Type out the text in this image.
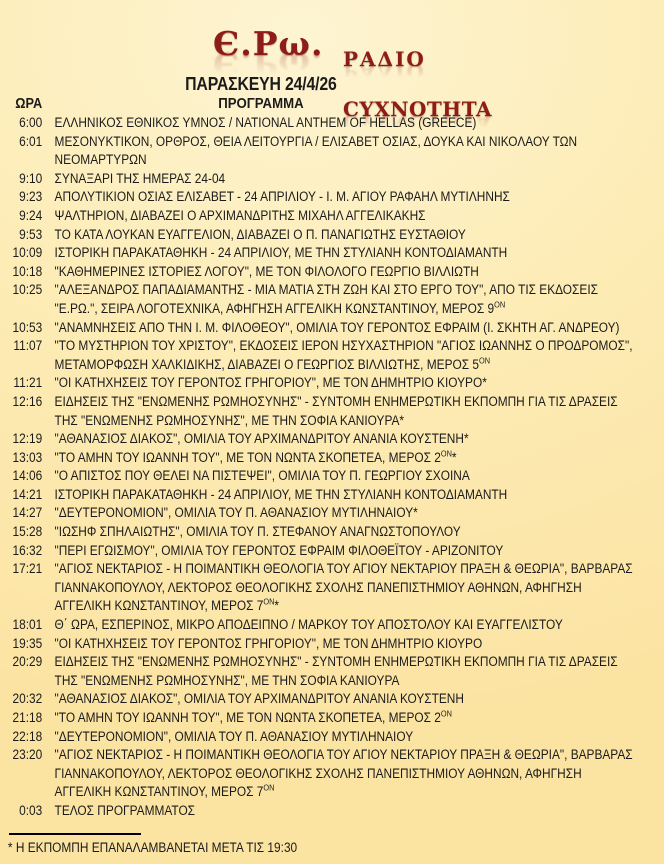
Є.Ρω. Є.Ρω. ΡΑΔΙΟ ΡΑΔΙΟ
CYXNOTHTA CYXNOTHTA
ΠΑΡΑΣΚΕΥΗ 24/4/26
ΩΡΑ	ΠΡΟΓΡΑΜΜΑ
6:00 ΕΛΛΗΝΙΚΟΣ ΕΘΝΙΚΟΣ ΥΜΝΟΣ / NATIONAL ANTHEM OF HELLAS (GREECE)
6:01 ΜΕΣΟΝΥΚΤΙΚΟΝ, ΟΡΘΡΟΣ, ΘΕΙΑ ΛΕΙΤΟΥΡΓΙΑ / ΕΛΙΣΑΒΕΤ ΟΣΙΑΣ, ΔΟΥΚΑ ΚΑΙ ΝΙΚΟΛΑΟΥ ΤΩΝ ΝΕΟΜΑΡΤΥΡΩΝ
9:10 ΣΥΝΑΞΑΡΙ ΤΗΣ ΗΜΕΡΑΣ 24-04
9:23 ΑΠΟΛΥΤΙΚΙΟΝ ΟΣΙΑΣ ΕΛΙΣΑΒΕΤ - 24 ΑΠΡΙΛΙΟΥ - Ι. Μ. ΑΓΙΟΥ ΡΑΦΑΗΛ ΜΥΤΙΛΗΝΗΣ
9:24 ΨΑΛΤΗΡΙΟΝ, ΔΙΑΒΑΖΕΙ Ο ΑΡΧΙΜΑΝΔΡΙΤΗΣ ΜΙΧΑΗΛ ΑΓΓΕΛΙΚΑΚΗΣ
9:53 ΤΟ ΚΑΤΑ ΛΟΥΚΑΝ ΕΥΑΓΓΕΛΙΟΝ, ΔΙΑΒΑΖΕΙ Ο Π. ΠΑΝΑΓΙΩΤΗΣ ΕΥΣΤΑΘΙΟΥ
10:09 ΙΣΤΟΡΙΚΗ ΠΑΡΑΚΑΤΑΘΗΚΗ - 24 ΑΠΡΙΛΙΟΥ, ΜΕ ΤΗΝ ΣΤΥΛΙΑΝΗ ΚΟΝΤΟΔΙΑΜΑΝΤΗ
10:18 "ΚΑΘΗΜΕΡΙΝΕΣ ΙΣΤΟΡΙΕΣ ΛΟΓΟΥ", ΜΕ ΤΟΝ ΦΙΛΟΛΟΓΟ ΓΕΩΡΓΙΟ ΒΙΛΛΙΩΤΗ
10:25 "ΑΛΕΞΑΝΔΡΟΣ ΠΑΠΑΔΙΑΜΑΝΤΗΣ - ΜΙΑ ΜΑΤΙΑ ΣΤΗ ΖΩΗ ΚΑΙ ΣΤΟ ΕΡΓΟ ΤΟΥ", ΑΠΟ ΤΙΣ ΕΚΔΟΣΕΙΣ "Ε.ΡΩ.", ΣΕΙΡΑ ΛΟΓΟΤΕΧΝΙΚΑ, ΑΦΗΓΗΣΗ ΑΓΓΕΛΙΚΗ ΚΩΝΣΤΑΝΤΙΝΟΥ, ΜΕΡΟΣ $9^{ON}$
10:53 "ΑΝΑΜΝΗΣΕΙΣ ΑΠΟ ΤΗΝ Ι. Μ. ΦΙΛΟΘΕΟΥ", ΟΜΙΛΙΑ ΤΟΥ ΓΕΡΟΝΤΟΣ ΕΦΡΑΙΜ (Ι. ΣΚΗΤΗ ΑΓ. ΑΝΔΡΕΟΥ)
11:07 "ΤΟ ΜΥΣΤΗΡΙΟΝ ΤΟΥ ΧΡΙΣΤΟΥ", ΕΚΔΟΣΕΙΣ ΙΕΡΟΝ ΗΣΥΧΑΣΤΗΡΙΟΝ "ΑΓΙΟΣ ΙΩΑΝΝΗΣ Ο ΠΡΟΔΡΟΜΟΣ", ΜΕΤΑΜΟΡΦΩΣΗ ΧΑΛΚΙΔΙΚΗΣ, ΔΙΑΒΑΖΕΙ Ο ΓΕΩΡΓΙΟΣ ΒΙΛΛΙΩΤΗΣ, ΜΕΡΟΣ $5^{ON}$
11:21 "ΟΙ ΚΑΤΗΧΗΣΕΙΣ ΤΟΥ ΓΕΡΟΝΤΟΣ ΓΡΗΓΟΡΙΟΥ", ΜΕ ΤΟΝ ΔΗΜΗΤΡΙΟ ΚΙΟΥΡΟ*
12:16 ΕΙΔΗΣΕΙΣ ΤΗΣ "ΕΝΩΜΕΝΗΣ ΡΩΜΗΟΣΥΝΗΣ" - ΣΥΝΤΟΜΗ ΕΝΗΜΕΡΩΤΙΚΗ ΕΚΠΟΜΠΗ ΓΙΑ ΤΙΣ ΔΡΑΣΕΙΣ ΤΗΣ "ΕΝΩΜΕΝΗΣ ΡΩΜΗΟΣΥΝΗΣ", ΜΕ ΤΗΝ ΣΟΦΙΑ ΚΑΝΙΟΥΡΑ*
12:19 "ΑΘΑΝΑΣΙΟΣ ΔΙΑΚΟΣ", ΟΜΙΛΙΑ ΤΟΥ ΑΡΧΙΜΑΝΔΡΙΤΟΥ ΑΝΑΝΙΑ ΚΟΥΣΤΕΝΗ*
13:03 "ΤΟ ΑΜΗΝ ΤΟΥ ΙΩΑΝΝΗ ΤΟΥ", ΜΕ ΤΟΝ ΝΩΝΤΑ ΣΚΟΠΕΤΕΑ, ΜΕΡΟΣ $2^{ON}*$
14:06 "Ο ΑΠΙΣΤΟΣ ΠΟΥ ΘΕΛΕΙ ΝΑ ΠΙΣΤΕΨΕΙ", ΟΜΙΛΙΑ ΤΟΥ Π. ΓΕΩΡΓΙΟΥ ΣΧΟΙΝΑ
14:21 ΙΣΤΟΡΙΚΗ ΠΑΡΑΚΑΤΑΘΗΚΗ - 24 ΑΠΡΙΛΙΟΥ, ΜΕ ΤΗΝ ΣΤΥΛΙΑΝΗ ΚΟΝΤΟΔΙΑΜΑΝΤΗ
14:27 "ΔΕΥΤΕΡΟΝΟΜΙΟΝ", ΟΜΙΛΙΑ ΤΟΥ Π. ΑΘΑΝΑΣΙΟΥ ΜΥΤΙΛΗΝΑΙΟΥ*
15:28 "ΙΩΣΗΦ ΣΠΗΛΑΙΩΤΗΣ", ΟΜΙΛΙΑ ΤΟΥ Π. ΣΤΕΦΑΝΟΥ ΑΝΑΓΝΩΣΤΟΠΟΥΛΟΥ
16:32 "ΠΕΡΙ ΕΓΩΙΣΜΟΥ", ΟΜΙΛΙΑ ΤΟΥ ΓΕΡΟΝΤΟΣ ΕΦΡΑΙΜ ΦΙΛΟΘΕΪΤΟΥ - ΑΡΙΖΟΝΙΤΟΥ
17:21 "ΑΓΙΟΣ ΝΕΚΤΑΡΙΟΣ - Η ΠΟΙΜΑΝΤΙΚΗ ΘΕΟΛΟΓΙΑ ΤΟΥ ΑΓΙΟΥ ΝΕΚΤΑΡΙΟΥ ΠΡΑΞΗ & ΘΕΩΡΙΑ", ΒΑΡΒΑΡΑΣ ΓΙΑΝΝΑΚΟΠΟΥΛΟΥ, ΛΕΚΤΟΡΟΣ ΘΕΟΛΟΓΙΚΗΣ ΣΧΟΛΗΣ ΠΑΝΕΠΙΣΤΗΜΙΟΥ ΑΘΗΝΩΝ, ΑΦΗΓΗΣΗ ΑΓΓΕΛΙΚΗ ΚΩΝΣΤΑΝΤΙΝΟΥ, ΜΕΡΟΣ $7^{ON}*$
18:01 Θ΄ ΩΡΑ, ΕΣΠΕΡΙΝΟΣ, ΜΙΚΡΟ ΑΠΟΔΕΙΠΝΟ / ΜΑΡΚΟΥ ΤΟΥ ΑΠΟΣΤΟΛΟΥ ΚΑΙ ΕΥΑΓΓΕΛΙΣΤΟΥ
19:35 "ΟΙ ΚΑΤΗΧΗΣΕΙΣ ΤΟΥ ΓΕΡΟΝΤΟΣ ΓΡΗΓΟΡΙΟΥ", ΜΕ ΤΟΝ ΔΗΜΗΤΡΙΟ ΚΙΟΥΡΟ
20:29 ΕΙΔΗΣΕΙΣ ΤΗΣ "ΕΝΩΜΕΝΗΣ ΡΩΜΗΟΣΥΝΗΣ" - ΣΥΝΤΟΜΗ ΕΝΗΜΕΡΩΤΙΚΗ ΕΚΠΟΜΠΗ ΓΙΑ ΤΙΣ ΔΡΑΣΕΙΣ ΤΗΣ "ΕΝΩΜΕΝΗΣ ΡΩΜΗΟΣΥΝΗΣ", ΜΕ ΤΗΝ ΣΟΦΙΑ ΚΑΝΙΟΥΡΑ
20:32 "ΑΘΑΝΑΣΙΟΣ ΔΙΑΚΟΣ", ΟΜΙΛΙΑ ΤΟΥ ΑΡΧΙΜΑΝΔΡΙΤΟΥ ΑΝΑΝΙΑ ΚΟΥΣΤΕΝΗ
21:18 "ΤΟ ΑΜΗΝ ΤΟΥ ΙΩΑΝΝΗ ΤΟΥ", ΜΕ ΤΟΝ ΝΩΝΤΑ ΣΚΟΠΕΤΕΑ, ΜΕΡΟΣ $2^{ON}$
22:18 "ΔΕΥΤΕΡΟΝΟΜΙΟΝ", ΟΜΙΛΙΑ ΤΟΥ Π. ΑΘΑΝΑΣΙΟΥ ΜΥΤΙΛΗΝΑΙΟΥ
23:20 "ΑΓΙΟΣ ΝΕΚΤΑΡΙΟΣ - Η ΠΟΙΜΑΝΤΙΚΗ ΘΕΟΛΟΓΙΑ ΤΟΥ ΑΓΙΟΥ ΝΕΚΤΑΡΙΟΥ ΠΡΑΞΗ & ΘΕΩΡΙΑ", ΒΑΡΒΑΡΑΣ ΓΙΑΝΝΑΚΟΠΟΥΛΟΥ, ΛΕΚΤΟΡΟΣ ΘΕΟΛΟΓΙΚΗΣ ΣΧΟΛΗΣ ΠΑΝΕΠΙΣΤΗΜΙΟΥ ΑΘΗΝΩΝ, ΑΦΗΓΗΣΗ ΑΓΓΕΛΙΚΗ ΚΩΝΣΤΑΝΤΙΝΟΥ, ΜΕΡΟΣ $7^{ON}$
0:03 ΤΕΛΟΣ ΠΡΟΓΡΑΜΜΑΤΟΣ
* Η ΕΚΠΟΜΠΗ ΕΠΑΝΑΛΑΜΒΑΝΕΤΑΙ ΜΕΤΑ ΤΙΣ 19:30
